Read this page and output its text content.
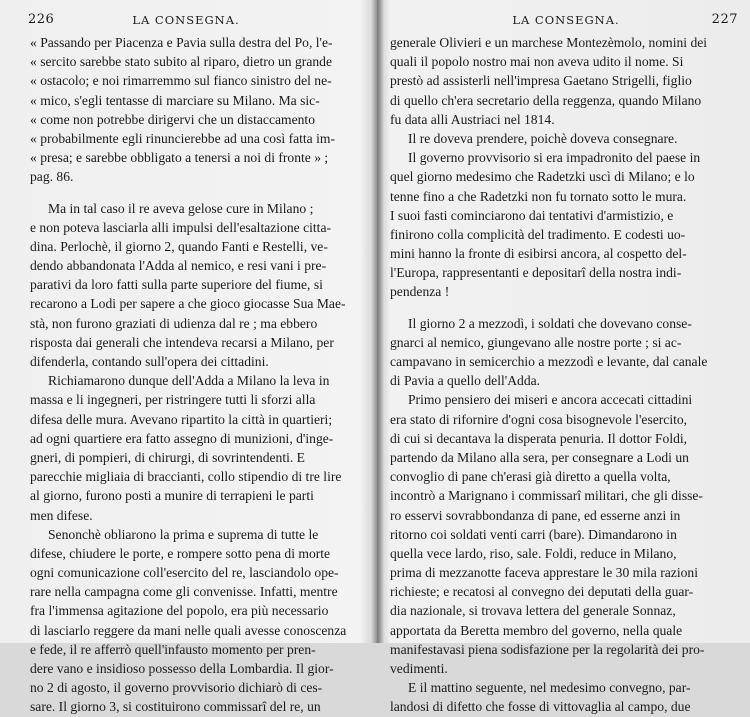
226	LA CONSEGNA.
« Passando per Piacenza e Pavia sulla destra del Po, l'e-
« sercito sarebbe stato subito al riparo, dietro un grande
« ostacolo; e noi rimarremmo sul fianco sinistro del ne-
« mico, s'egli tentasse di marciare su Milano. Ma sic-
« come non potrebbe dirigervi che un distaccamento
« probabilmente egli rinuncierebbe ad una così fatta im-
« presa; e sarebbe obbligato a tenersi a noi di fronte » ;
pag. 86.
Ma in tal caso il re aveva gelose cure in Milano ;
e non poteva lasciarla alli impulsi dell'esaltazione citta-
dina. Perlochè, il giorno 2, quando Fanti e Restelli, ve-
dendo abbandonata l'Adda al nemico, e resi vani i pre-
parativi da loro fatti sulla parte superiore del fiume, si
recarono a Lodi per sapere a che gioco giocasse Sua Mae-
stà, non furono graziati di udienza dal re ; ma ebbero
risposta dai generali che intendeva recarsi a Milano, per
difenderla, contando sull'opera dei cittadini.
Richiamarono dunque dell'Adda a Milano la leva in
massa e li ingegneri, per ristringere tutti li sforzi alla
difesa delle mura. Avevano ripartito la città in quartieri;
ad ogni quartiere era fatto assegno di munizioni, d'inge-
gneri, di pompieri, di chirurgi, di sovrintendenti. E
parecchie migliaia di braccianti, collo stipendio di tre lire
al giorno, furono posti a munire di terrapieni le parti
men difese.
Senonchè obliarono la prima e suprema di tutte le
difese, chiudere le porte, e rompere sotto pena di morte
ogni comunicazione coll'esercito del re, lasciandolo ope-
rare nella campagna come gli convenisse. Infatti, mentre
fra l'immensa agitazione del popolo, era più necessario
di lasciarlo reggere da mani nelle quali avesse conoscenza
e fede, il re afferrò quell'infausto momento per pren-
dere vano e insidioso possesso della Lombardia. Il gior-
no 2 di agosto, il governo provvisorio dichiarò di ces-
sare. Il giorno 3, si costituirono commissarî del re, un
LA CONSEGNA.	227
generale Olivieri e un marchese Montezèmolo, nomini dei
quali il popolo nostro mai non aveva udito il nome. Si
prestò ad assisterli nell'impresa Gaetano Strigelli, figlio
di quello ch'era secretario della reggenza, quando Milano
fu data alli Austriaci nel 1814.
Il re doveva prendere, poichè doveva consegnare.
Il governo provvisorio si era impadronito del paese in
quel giorno medesimo che Radetzki uscì di Milano; e lo
tenne fino a che Radetzki non fu tornato sotto le mura.
I suoi fasti cominciarono dai tentativi d'armistizio, e
finirono colla complicità del tradimento. E codesti uo-
mini hanno la fronte di esibirsi ancora, al cospetto del-
l'Europa, rappresentanti e depositarî della nostra indi-
pendenza !
Il giorno 2 a mezzodì, i soldati che dovevano conse-
gnarci al nemico, giungevano alle nostre porte ; si ac-
campavano in semicerchio a mezzodì e levante, dal canale
di Pavia a quello dell'Adda.
Primo pensiero dei miseri e ancora accecati cittadini
era stato di rifornire d'ogni cosa bisognevole l'esercito,
di cui si decantava la disperata penuria. Il dottor Foldi,
partendo da Milano alla sera, per consegnare a Lodi un
convoglio di pane ch'erasi già diretto a quella volta,
incontrò a Marignano i commissarî militari, che gli disse-
ro esservi sovrabbondanza di pane, ed esserne anzi in
ritorno coi soldati venti carri (bare). Dimandarono in
quella vece lardo, riso, sale. Foldi, reduce in Milano,
prima di mezzanotte faceva apprestare le 30 mila razioni
richieste; e recatosi al convegno dei deputati della guar-
dia nazionale, si trovava lettera del generale Sonnaz,
apportata da Beretta membro del governo, nella quale
manifestavasi piena sodisfazione per la regolarità dei pro-
vedimenti.
E il mattino seguente, nel medesimo convegno, par-
landosi di difetto che fosse di vittovaglia al campo, due
